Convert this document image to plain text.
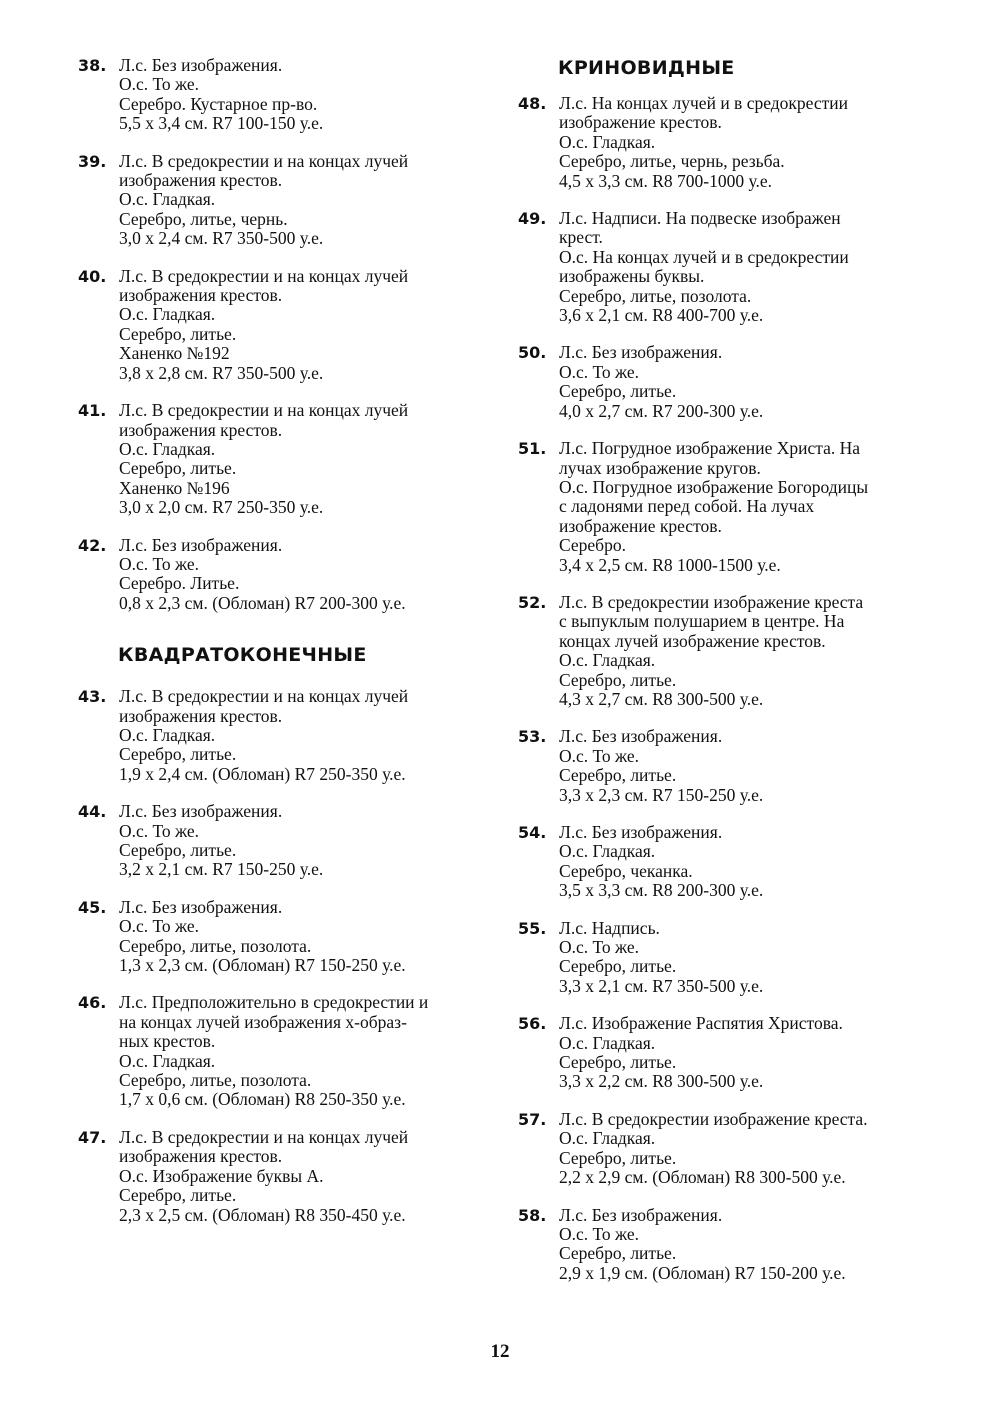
38. Л.с. Без изображения.
О.с. То же.
Серебро. Кустарное пр-во.
5,5 х 3,4 см. R7 100-150 у.е.
39. Л.с. В средокрестии и на концах лучей
изображения крестов.
О.с. Гладкая.
Серебро, литье, чернь.
3,0 х 2,4 см. R7 350-500 у.е.
40. Л.с. В средокрестии и на концах лучей
изображения крестов.
О.с. Гладкая.
Серебро, литье.
Ханенко №192
3,8 х 2,8 см. R7 350-500 у.е.
41. Л.с. В средокрестии и на концах лучей
изображения крестов.
О.с. Гладкая.
Серебро, литье.
Ханенко №196
3,0 х 2,0 см. R7 250-350 у.е.
42. Л.с. Без изображения.
О.с. То же.
Серебро. Литье.
0,8 х 2,3 см. (Обломан) R7 200-300 у.е.
КВАДРАТОКОНЕЧНЫЕ
43. Л.с. В средокрестии и на концах лучей
изображения крестов.
О.с. Гладкая.
Серебро, литье.
1,9 х 2,4 см. (Обломан) R7 250-350 у.е.
44. Л.с. Без изображения.
О.с. То же.
Серебро, литье.
3,2 х 2,1 см. R7 150-250 у.е.
45. Л.с. Без изображения.
О.с. То же.
Серебро, литье, позолота.
1,3 х 2,3 см. (Обломан) R7 150-250 у.е.
46. Л.с. Предположительно в средокрестии и
на концах лучей изображения х-образ-
ных крестов.
О.с. Гладкая.
Серебро, литье, позолота.
1,7 х 0,6 см. (Обломан) R8 250-350 у.е.
47. Л.с. В средокрестии и на концах лучей
изображения крестов.
О.с. Изображение буквы А.
Серебро, литье.
2,3 х 2,5 см. (Обломан) R8 350-450 у.е.
КРИНОВИДНЫЕ
48. Л.с. На концах лучей и в средокрестии
изображение крестов.
О.с. Гладкая.
Серебро, литье, чернь, резьба.
4,5 х 3,3 см. R8 700-1000 у.е.
49. Л.с. Надписи. На подвеске изображен
крест.
О.с. На концах лучей и в средокрестии
изображены буквы.
Серебро, литье, позолота.
3,6 х 2,1 см. R8 400-700 у.е.
50. Л.с. Без изображения.
О.с. То же.
Серебро, литье.
4,0 х 2,7 см. R7 200-300 у.е.
51. Л.с. Погрудное изображение Христа. На
лучах изображение кругов.
О.с. Погрудное изображение Богородицы
с ладонями перед собой. На лучах
изображение крестов.
Серебро.
3,4 х 2,5 см. R8 1000-1500 у.е.
52. Л.с. В средокрестии изображение креста
с выпуклым полушарием в центре. На
концах лучей изображение крестов.
О.с. Гладкая.
Серебро, литье.
4,3 х 2,7 см. R8 300-500 у.е.
53. Л.с. Без изображения.
О.с. То же.
Серебро, литье.
3,3 х 2,3 см. R7 150-250 у.е.
54. Л.с. Без изображения.
О.с. Гладкая.
Серебро, чеканка.
3,5 х 3,3 см. R8 200-300 у.е.
55. Л.с. Надпись.
О.с. То же.
Серебро, литье.
3,3 х 2,1 см. R7 350-500 у.е.
56. Л.с. Изображение Распятия Христова.
О.с. Гладкая.
Серебро, литье.
3,3 х 2,2 см. R8 300-500 у.е.
57. Л.с. В средокрестии изображение креста.
О.с. Гладкая.
Серебро, литье.
2,2 х 2,9 см. (Обломан) R8 300-500 у.е.
58. Л.с. Без изображения.
О.с. То же.
Серебро, литье.
2,9 х 1,9 см. (Обломан) R7 150-200 у.е.
12
